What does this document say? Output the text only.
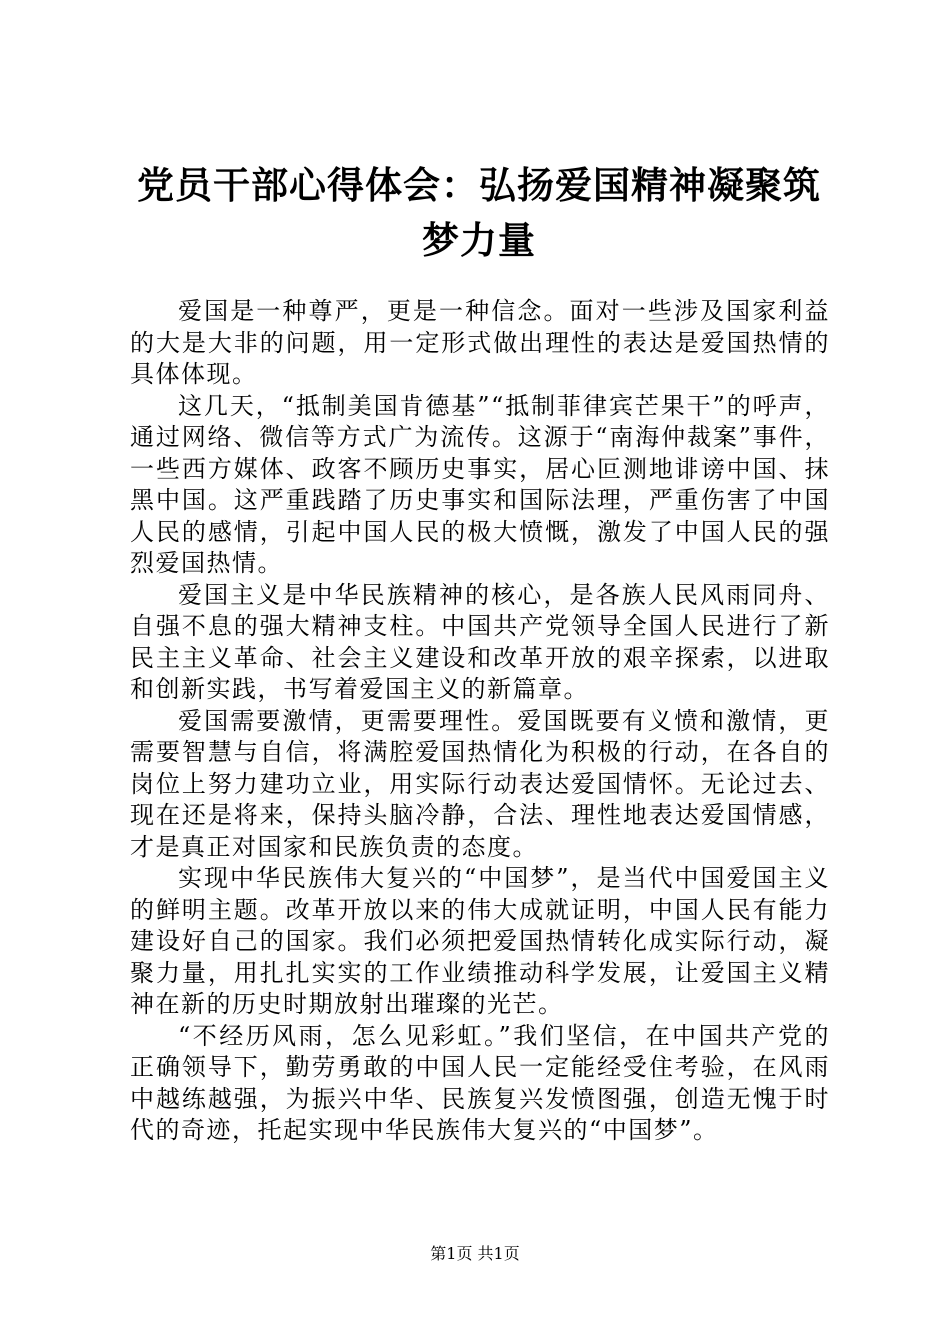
党员干部心得体会：弘扬爱国精神凝聚筑梦力量

爱国是一种尊严，更是一种信念。面对一些涉及国家利益的大是大非的问题，用一定形式做出理性的表达是爱国热情的具体体现。

这几天，“抵制美国肯德基”“抵制菲律宾芒果干”的呼声，通过网络、微信等方式广为流传。这源于“南海仲裁案”事件，一些西方媒体、政客不顾历史事实，居心叵测地诽谤中国、抹黑中国。这严重践踏了历史事实和国际法理，严重伤害了中国人民的感情，引起中国人民的极大愤慨，激发了中国人民的强烈爱国热情。

爱国主义是中华民族精神的核心，是各族人民风雨同舟、自强不息的强大精神支柱。中国共产党领导全国人民进行了新民主主义革命、社会主义建设和改革开放的艰辛探索，以进取和创新实践，书写着爱国主义的新篇章。

爱国需要激情，更需要理性。爱国既要有义愤和激情，更需要智慧与自信，将满腔爱国热情化为积极的行动，在各自的岗位上努力建功立业，用实际行动表达爱国情怀。无论过去、现在还是将来，保持头脑冷静，合法、理性地表达爱国情感，才是真正对国家和民族负责的态度。

实现中华民族伟大复兴的“中国梦”，是当代中国爱国主义的鲜明主题。改革开放以来的伟大成就证明，中国人民有能力建设好自己的国家。我们必须把爱国热情转化成实际行动，凝聚力量，用扎扎实实的工作业绩推动科学发展，让爱国主义精神在新的历史时期放射出璀璨的光芒。

“不经历风雨，怎么见彩虹。”我们坚信，在中国共产党的正确领导下，勤劳勇敢的中国人民一定能经受住考验，在风雨中越练越强，为振兴中华、民族复兴发愤图强，创造无愧于时代的奇迹，托起实现中华民族伟大复兴的“中国梦”。

第1页 共1页
